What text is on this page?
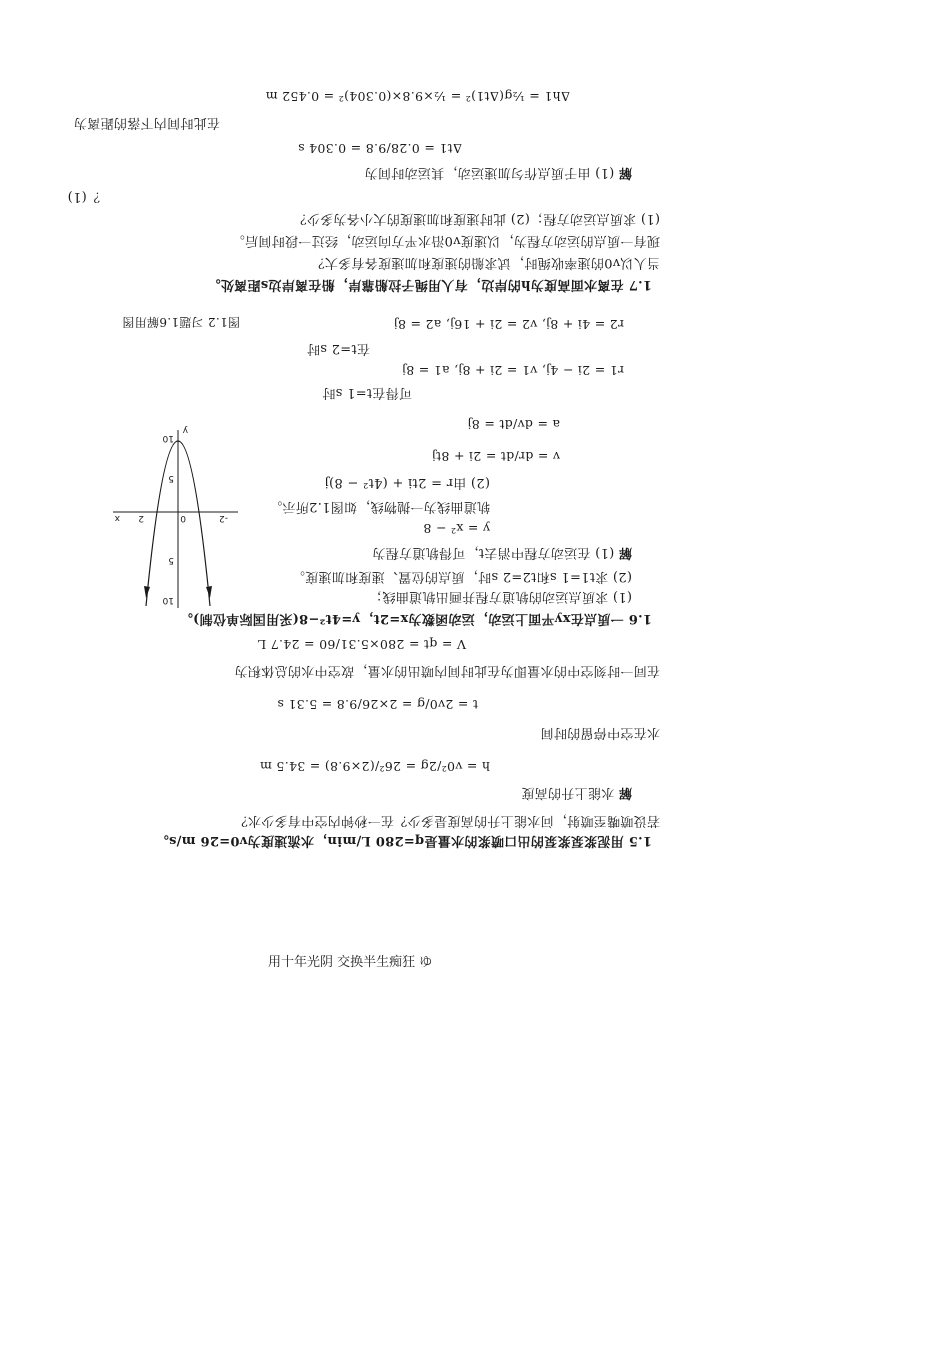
1.5 用泥浆泵浆泵的出口喷浆的水量是q=280 L/min，水流速度为v0=26 m/s。
若设喷嘴至喷射，问水能上升的高度是多少？在一秒钟内空中有多少水？
解 水能上升的高度
h = v0²/2g = 26²/(2×9.8) = 34.5 m
水在空中停留的时间
t = 2v0/g = 2×26/9.8 = 5.31 s
在同一时刻空中的水量即为在此时间内喷出的水量，故空中水的总体积为
V = qt = 280×5.31/60 = 24.7 L
1.6 一质点在xy平面上运动，运动函数为x=2t，y=4t²−8(采用国际单位制)。
(1) 求质点运动的轨道方程并画出轨道曲线；
(2) 求t1=1 s和t2=2 s时，质点的位置、速度和加速度。
解 (1) 在运动方程中消去t，可得轨道方程为
y = x² − 8
轨道曲线为一抛物线，如图1.2所示。
(2) 由r = 2ti + (4t² − 8)j
v = dr/dt = 2i + 8tj
a = dv/dt = 8j
可得在t=1 s时
r1 = 2i − 4j, v1 = 2i + 8j, a1 = 8j
在t=2 s时
r2 = 4i + 8j, v2 = 2i + 16j, a2 = 8j
图1.2 习题1.6解用图
10
5
-2
0
2
x
5
10
y
1.7 在离水面高度为h的岸边，有人用绳子拉船靠岸，船在离岸边s距离处。
当人以v0的速率收绳时，试求船的速度和加速度各有多大？
现有一质点的运动方程为，以速度v0沿水平方向运动，经过一段时间后。
(1) 求质点运动方程；(2) 此时速度和加速度的大小各为多少？
？(1)
解 (1) 由于质点作匀加速运动，其运动时间为
Δt1 = 0.28/9.8 = 0.304 s
在此时间内下落的距离为
Δh1 = ½g(Δt1)² = ½×9.8×(0.304)² = 0.452 m
用十年光阴 交换半生痴狂 ゆ
